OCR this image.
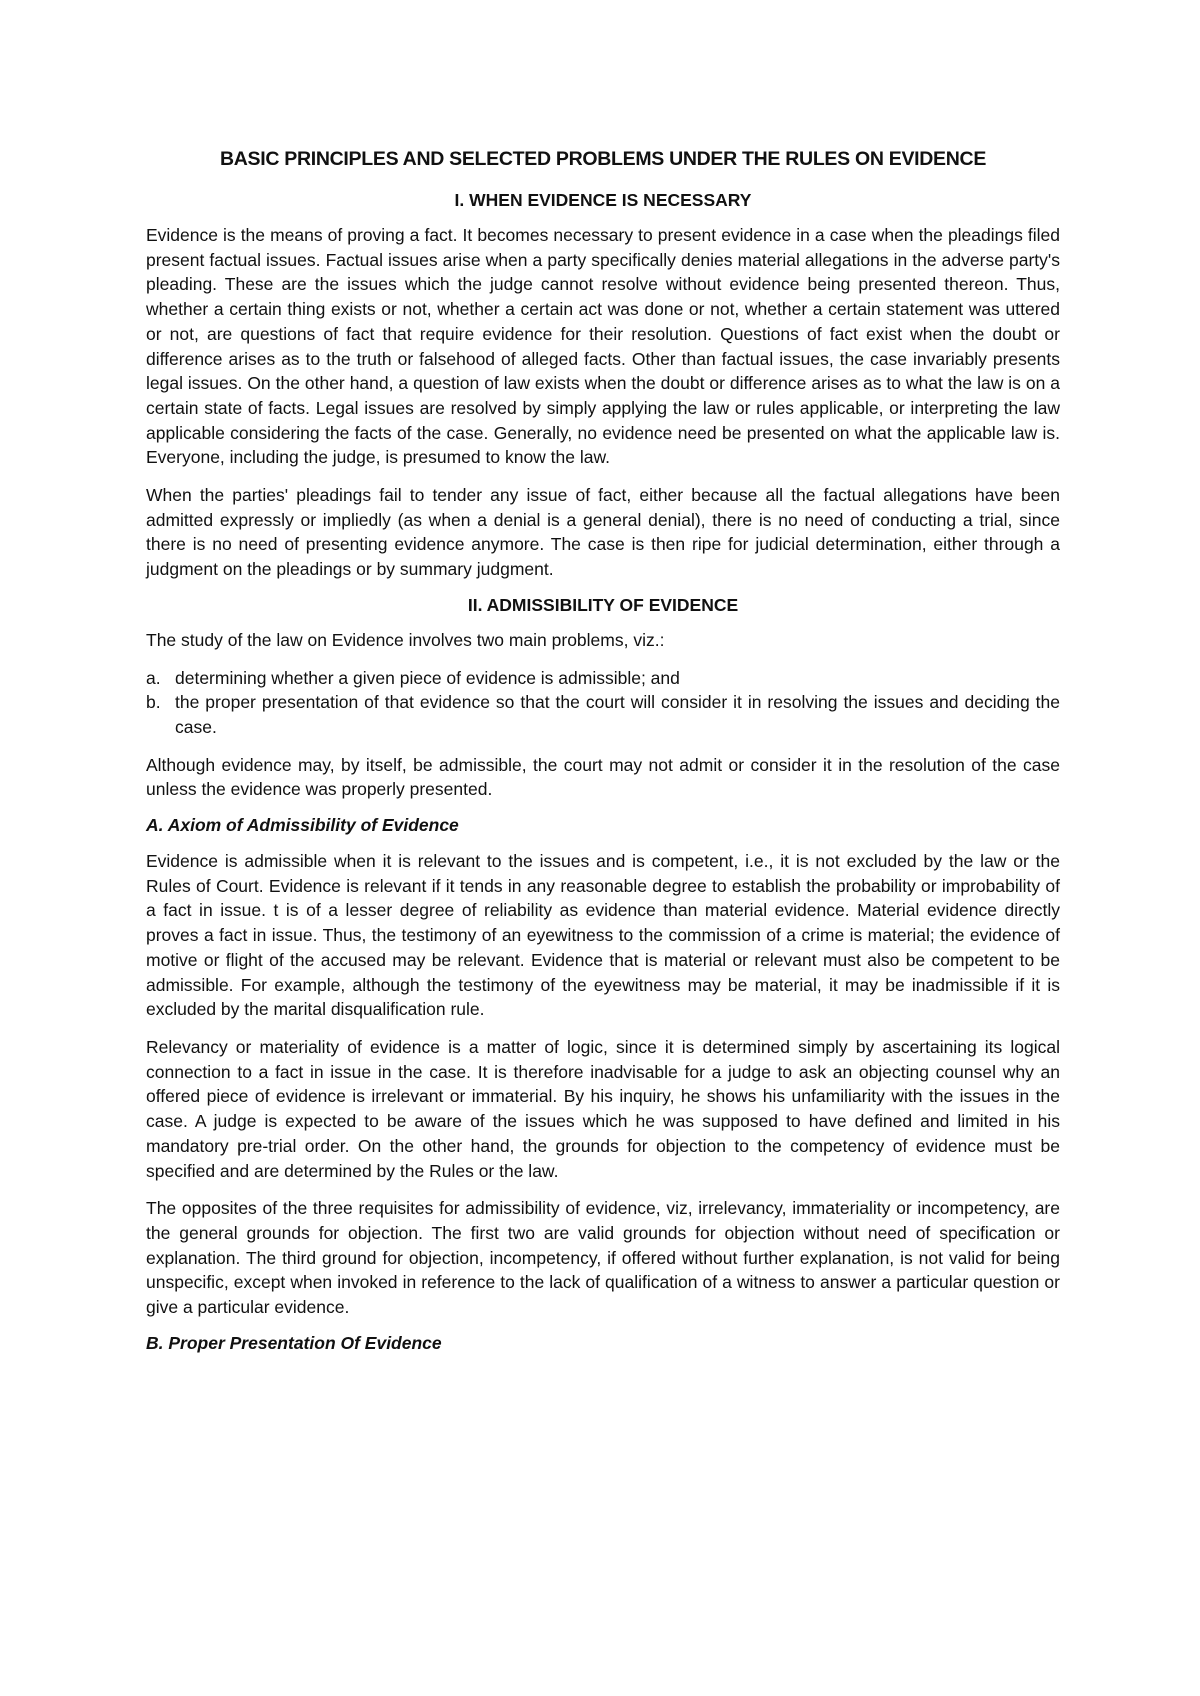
BASIC PRINCIPLES AND SELECTED PROBLEMS UNDER THE RULES ON EVIDENCE
I. WHEN EVIDENCE IS NECESSARY

Evidence is the means of proving a fact. It becomes necessary to present evidence in a case when the pleadings filed present factual issues. Factual issues arise when a party specifically denies material allegations in the adverse party's pleading. These are the issues which the judge cannot resolve without evidence being presented thereon. Thus, whether a certain thing exists or not, whether a certain act was done or not, whether a certain statement was uttered or not, are questions of fact that require evidence for their resolution. Questions of fact exist when the doubt or difference arises as to the truth or falsehood of alleged facts. Other than factual issues, the case invariably presents legal issues. On the other hand, a question of law exists when the doubt or difference arises as to what the law is on a certain state of facts. Legal issues are resolved by simply applying the law or rules applicable, or interpreting the law applicable considering the facts of the case. Generally, no evidence need be presented on what the applicable law is. Everyone, including the judge, is presumed to know the law.

When the parties' pleadings fail to tender any issue of fact, either because all the factual allegations have been admitted expressly or impliedly (as when a denial is a general denial), there is no need of conducting a trial, since there is no need of presenting evidence anymore. The case is then ripe for judicial determination, either through a judgment on the pleadings or by summary judgment.

II. ADMISSIBILITY OF EVIDENCE

The study of the law on Evidence involves two main problems, viz.:

a. determining whether a given piece of evidence is admissible; and
b. the proper presentation of that evidence so that the court will consider it in resolving the issues and deciding the case.

Although evidence may, by itself, be admissible, the court may not admit or consider it in the resolution of the case unless the evidence was properly presented.

A. Axiom of Admissibility of Evidence

Evidence is admissible when it is relevant to the issues and is competent, i.e., it is not excluded by the law or the Rules of Court. Evidence is relevant if it tends in any reasonable degree to establish the probability or improbability of a fact in issue. t is of a lesser degree of reliability as evidence than material evidence. Material evidence directly proves a fact in issue. Thus, the testimony of an eyewitness to the commission of a crime is material; the evidence of motive or flight of the accused may be relevant. Evidence that is material or relevant must also be competent to be admissible. For example, although the testimony of the eyewitness may be material, it may be inadmissible if it is excluded by the marital disqualification rule.

Relevancy or materiality of evidence is a matter of logic, since it is determined simply by ascertaining its logical connection to a fact in issue in the case. It is therefore inadvisable for a judge to ask an objecting counsel why an offered piece of evidence is irrelevant or immaterial. By his inquiry, he shows his unfamiliarity with the issues in the case. A judge is expected to be aware of the issues which he was supposed to have defined and limited in his mandatory pre-trial order. On the other hand, the grounds for objection to the competency of evidence must be specified and are determined by the Rules or the law.

The opposites of the three requisites for admissibility of evidence, viz, irrelevancy, immateriality or incompetency, are the general grounds for objection. The first two are valid grounds for objection without need of specification or explanation. The third ground for objection, incompetency, if offered without further explanation, is not valid for being unspecific, except when invoked in reference to the lack of qualification of a witness to answer a particular question or give a particular evidence.

B. Proper Presentation Of Evidence
